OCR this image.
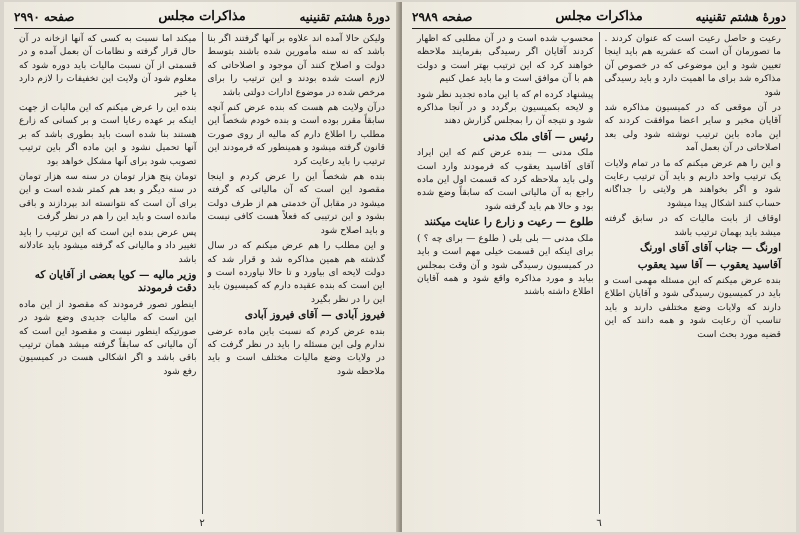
دورهٔ هشتم تقنینیه
مذاکرات مجلس
صفحه ۲۹۹۰

ولیکن حالا آمده اند علاوه بر آنها گرفتند اگر بنا باشد که نه سنه مأمورین شده باشند بتوسط دولت و اصلاح کنند آن موجود و اصلاحاتی که لازم است شده بودند و این ترتیب را برای مرخص شده در موضوع ادارات دولتی باشد

درآن ولایت هم هست که بنده عرض کنم آنچه سابقاً مقرر بوده است و بنده خودم شخصاً این مطلب را اطلاع دارم که مالیه از روی صورت قانون گرفته میشود و همینطور که فرمودند این ترتیب را باید رعایت کرد

بنده هم شخصاً این را عرض کردم و اینجا مقصود این است که آن مالیاتی که گرفته میشود در مقابل آن خدمتی هم از طرف دولت بشود و این ترتیبی که فعلاً هست کافی نیست و باید اصلاح شود

و این مطلب را هم عرض میکنم که در سال گذشته هم همین مذاکره شد و قرار شد که دولت لایحه ای بیاورد و تا حالا نیاورده است و این است که بنده عقیده دارم که کمیسیون باید این را در نظر بگیرد

فیروز آبادی — آقای فیروز آبادی

بنده عرض کردم که نسبت باین ماده عرضی ندارم ولی این مسئله را باید در نظر گرفت که در ولایات وضع مالیات مختلف است و باید ملاحظه شود

میکند اما نسبت به کسی که آنها ازخانه در آن حال قرار گرفته و نظامات آن بعمل آمده و در قسمتی از آن نسبت مالیات باید دوره شود که معلوم شود آن ولایت این تخفیفات را لازم دارد یا خیر

بنده این را عرض میکنم که این مالیات از جهت اینکه بر عهده رعایا است و بر کسانی که زارع هستند بنا شده است باید بطوری باشد که بر آنها تحمیل نشود و این ماده اگر باین ترتیب تصویب شود برای آنها مشکل خواهد بود

تومان پنج هزار تومان در سنه سه هزار تومان در سنه دیگر و بعد هم کمتر شده است و این برای آن است که نتوانسته اند بپردازند و باقی مانده است و باید این را هم در نظر گرفت

پس عرض بنده این است که این ترتیب را باید تغییر داد و مالیاتی که گرفته میشود باید عادلانه باشد

وزیر مالیه — کویا بعضی از آقایان که دقت فرمودند

اینطور تصور فرمودند که مقصود از این ماده این است که مالیات جدیدی وضع شود در صورتیکه اینطور نیست و مقصود این است که آن مالیاتی که سابقاً گرفته میشد همان ترتیب باقی باشد و اگر اشکالی هست در کمیسیون رفع شود

٢
دورهٔ هشتم تقنینیه
مذاکرات مجلس
صفحه ۲۹۸۹

رعیت و حاصل رعیت است که عنوان کردند . ما تصورمان آن است که عشریه هم باید اینجا تعیین شود و این موضوعی که در خصوص آن مذاکره شد برای ما اهمیت دارد و باید رسیدگی شود

در آن موقعی که در کمیسیون مذاکره شد آقایان مخبر و سایر اعضا موافقت کردند که این ماده باین ترتیب نوشته شود ولی بعد اصلاحاتی در آن بعمل آمد

و این را هم عرض میکنم که ما در تمام ولایات یک ترتیب واحد داریم و باید آن ترتیب رعایت شود و اگر بخواهند هر ولایتی را جداگانه حساب کنند اشکال پیدا میشود

اوقاف از بابت مالیات که در سابق گرفته میشد باید بهمان ترتیب باشد

اورنگ — جناب آقای آقای اورنگ
آقاسید یعقوب — آقا سید یعقوب

بنده عرض میکنم که این مسئله مهمی است و باید در کمیسیون رسیدگی شود و آقایان اطلاع دارند که ولایات وضع مختلفی دارند و باید تناسب آن رعایت شود و همه دانند که این قضیه مورد بحث است

محسوب شده است و در آن مطلبی که اظهار کردند آقایان اگر رسیدگی بفرمایند ملاحظه خواهند کرد که این ترتیب بهتر است و دولت هم با آن موافق است و ما باید عمل کنیم

پیشنهاد کرده ام که با این ماده تجدید نظر شود و لایحه بکمیسیون برگردد و در آنجا مذاکره شود و نتیجه آن را بمجلس گزارش دهند

رئیس — آقای ملک مدنی

ملک مدنی — بنده عرض کنم که این ایراد آقای آقاسید یعقوب که فرمودند وارد است ولی باید ملاحظه کرد که قسمت اول این ماده راجع به آن مالیاتی است که سابقاً وضع شده بود و حالا هم باید گرفته شود

طلوع — رعیت و زارع را عنایت میکنند

ملک مدنی — بلی بلی ( طلوع — برای چه ؟ ) برای اینکه این قسمت خیلی مهم است و باید در کمیسیون رسیدگی شود و آن وقت بمجلس بیاید و مورد مذاکره واقع شود و همه آقایان اطلاع داشته باشند

٦
